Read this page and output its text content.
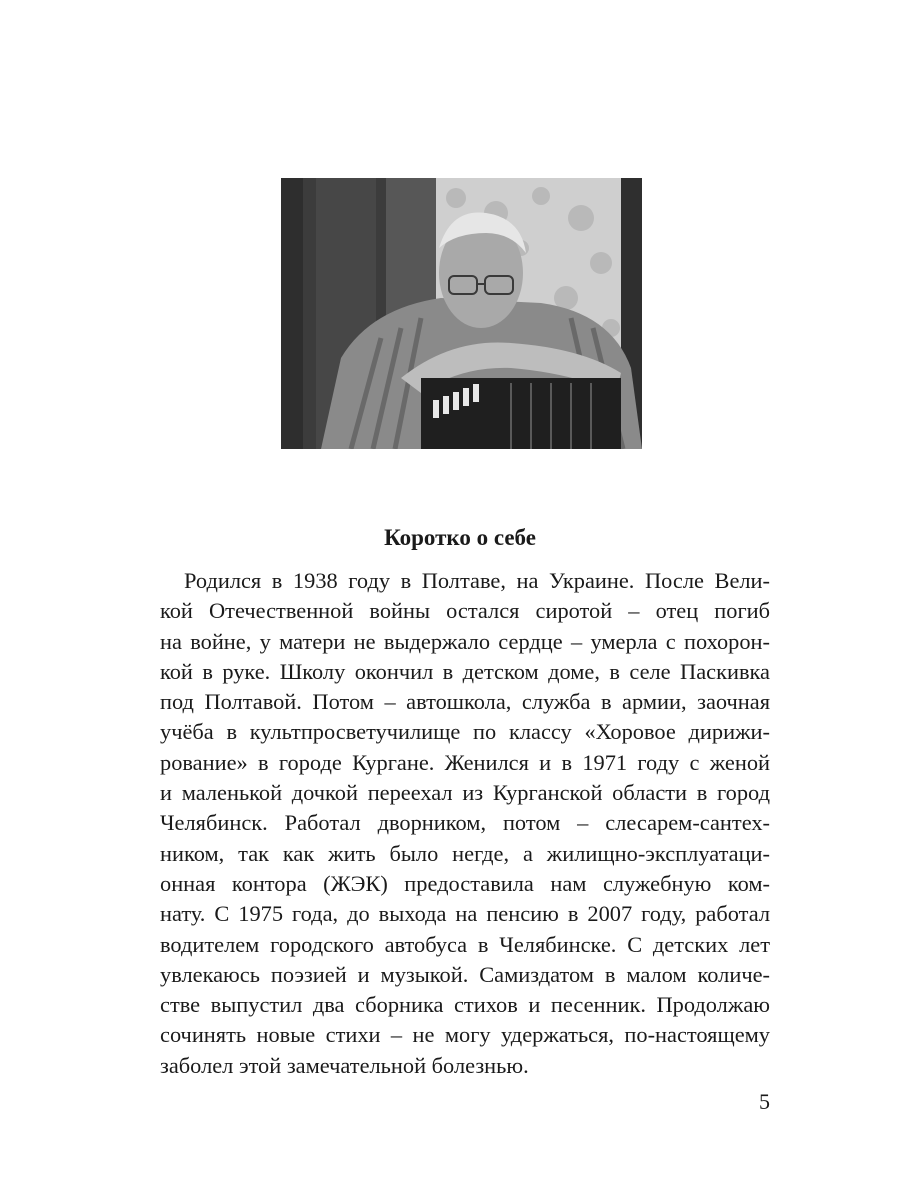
Коротко о себе
Родился в 1938 году в Полтаве, на Украине. После Вели-
кой Отечественной войны остался сиротой – отец погиб
на войне, у матери не выдержало сердце – умерла с похорон-
кой в руке. Школу окончил в детском доме, в селе Паскивка
под Полтавой. Потом – автошкола, служба в армии, заочная
учёба в культпросветучилище по классу «Хоровое дирижи-
рование» в городе Кургане. Женился и в 1971 году с женой
и маленькой дочкой переехал из Курганской области в город
Челябинск. Работал дворником, потом – слесарем-сантех-
ником, так как жить было негде, а жилищно-эксплуатаци-
онная контора (ЖЭК) предоставила нам служебную ком-
нату. С 1975 года, до выхода на пенсию в 2007 году, работал
водителем городского автобуса в Челябинске. С детских лет
увлекаюсь поэзией и музыкой. Самиздатом в малом количе-
стве выпустил два сборника стихов и песенник. Продолжаю
сочинять новые стихи – не могу удержаться, по-настоящему
заболел этой замечательной болезнью.
5
